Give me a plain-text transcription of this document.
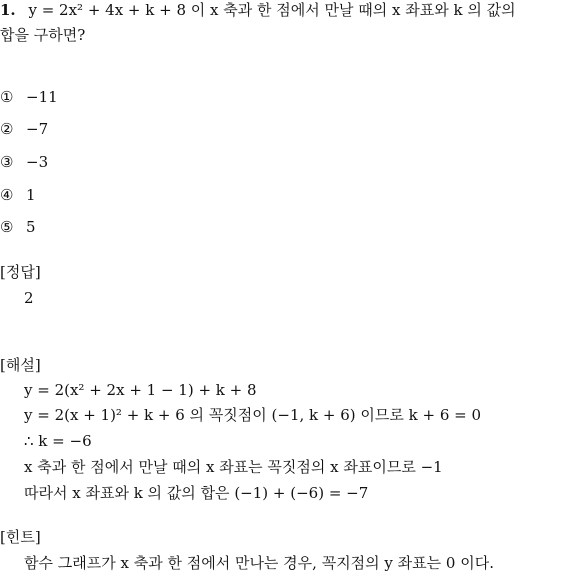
1. y = 2x² + 4x + k + 8 이 x 축과 한 점에서 만날 때의 x 좌표와 k 의 값의
합을 구하면?
① −11
② −7
③ −3
④ 1
⑤ 5
[정답]
2
[해설]
y = 2(x² + 2x + 1 − 1) + k + 8
y = 2(x + 1)² + k + 6 의 꼭짓점이 (−1, k + 6) 이므로 k + 6 = 0
∴ k = −6
x 축과 한 점에서 만날 때의 x 좌표는 꼭짓점의 x 좌표이므로 −1
따라서 x 좌표와 k 의 값의 합은 (−1) + (−6) = −7
[힌트]
함수 그래프가 x 축과 한 점에서 만나는 경우, 꼭지점의 y 좌표는 0 이다.
